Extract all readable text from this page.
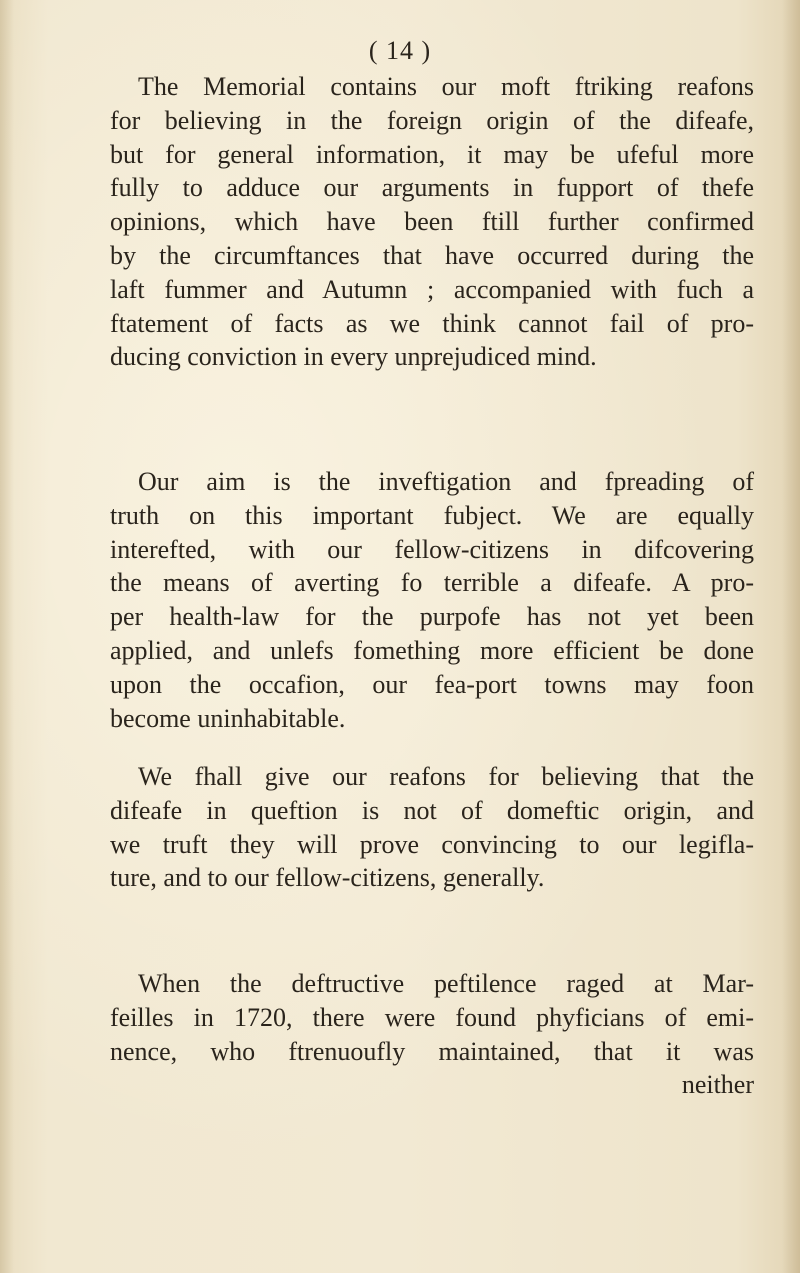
( 14 )

The Memorial contains our moft ftriking reafons
for believing in the foreign origin of the difeafe,
but for general information, it may be ufeful more
fully to adduce our arguments in fupport of thefe
opinions, which have been ftill further confirmed
by the circumftances that have occurred during the
laft fummer and Autumn ; accompanied with fuch a
ftatement of facts as we think cannot fail of pro-
ducing conviction in every unprejudiced mind.
Our aim is the inveftigation and fpreading of
truth on this important fubject. We are equally
interefted, with our fellow-citizens in difcovering
the means of averting fo terrible a difeafe. A pro-
per health-law for the purpofe has not yet been
applied, and unlefs fomething more efficient be done
upon the occafion, our fea-port towns may foon
become uninhabitable.
We fhall give our reafons for believing that the
difeafe in queftion is not of domeftic origin, and
we truft they will prove convincing to our legifla-
ture, and to our fellow-citizens, generally.
When the deftructive peftilence raged at Mar-
feilles in 1720, there were found phyficians of emi-
nence, who ftrenuoufly maintained, that it was
neither
